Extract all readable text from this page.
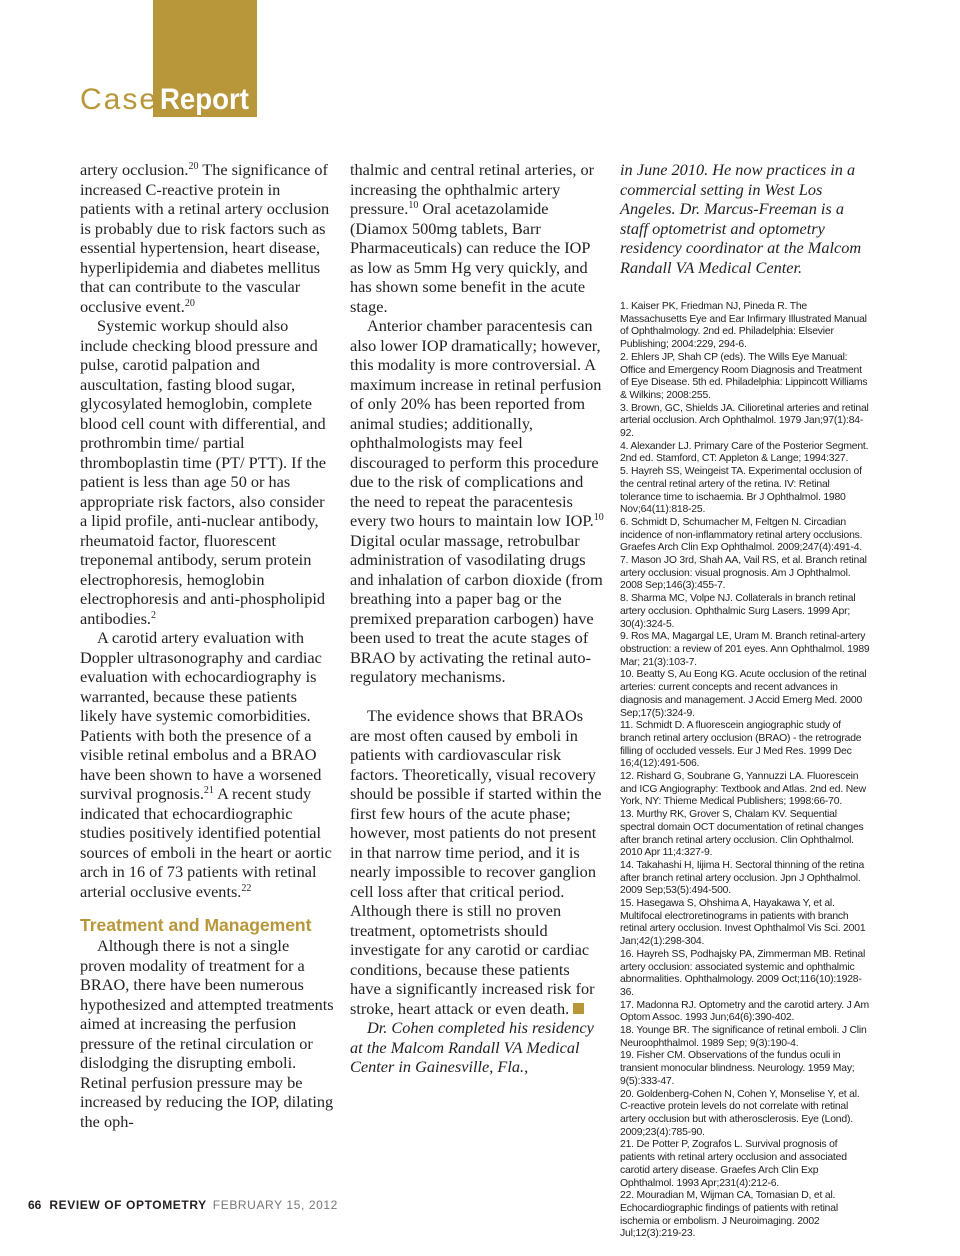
Case Report

artery occlusion.$^{20}$ The significance of increased C-reactive protein in patients with a retinal artery occlusion is probably due to risk factors such as essential hypertension, heart disease, hyperlipidemia and diabetes mellitus that can contribute to the vascular occlusive event.$^{20}$

Systemic workup should also include checking blood pressure and pulse, carotid palpation and auscultation, fasting blood sugar, glycosylated hemoglobin, complete blood cell count with differential, and prothrombin time/ partial thromboplastin time (PT/ PTT). If the patient is less than age 50 or has appropriate risk factors, also consider a lipid profile, anti-nuclear antibody, rheumatoid factor, fluorescent treponemal antibody, serum protein electrophoresis, hemoglobin electrophoresis and anti-phospholipid antibodies.$^2$

A carotid artery evaluation with Doppler ultrasonography and cardiac evaluation with echocardiography is warranted, because these patients likely have systemic comorbidities. Patients with both the presence of a visible retinal embolus and a BRAO have been shown to have a worsened survival prognosis.$^{21}$ A recent study indicated that echocardiographic studies positively identified potential sources of emboli in the heart or aortic arch in 16 of 73 patients with retinal arterial occlusive events.$^{22}$

Treatment and Management

Although there is not a single proven modality of treatment for a BRAO, there have been numerous hypothesized and attempted treatments aimed at increasing the perfusion pressure of the retinal circulation or dislodging the disrupting emboli. Retinal perfusion pressure may be increased by reducing the IOP, dilating the oph-

thalmic and central retinal arteries, or increasing the ophthalmic artery pressure.$^{10}$ Oral acetazolamide (Diamox 500mg tablets, Barr Pharmaceuticals) can reduce the IOP as low as 5mm Hg very quickly, and has shown some benefit in the acute stage.

Anterior chamber paracentesis can also lower IOP dramatically; however, this modality is more controversial. A maximum increase in retinal perfusion of only 20% has been reported from animal studies; additionally, ophthalmologists may feel discouraged to perform this procedure due to the risk of complications and the need to repeat the paracentesis every two hours to maintain low IOP.$^{10}$ Digital ocular massage, retrobulbar administration of vasodilating drugs and inhalation of carbon dioxide (from breathing into a paper bag or the premixed preparation carbogen) have been used to treat the acute stages of BRAO by activating the retinal auto-regulatory mechanisms.

The evidence shows that BRAOs are most often caused by emboli in patients with cardiovascular risk factors. Theoretically, visual recovery should be possible if started within the first few hours of the acute phase; however, most patients do not present in that narrow time period, and it is nearly impossible to recover ganglion cell loss after that critical period. Although there is still no proven treatment, optometrists should investigate for any carotid or cardiac conditions, because these patients have a significantly increased risk for stroke, heart attack or even death.

Dr. Cohen completed his residency at the Malcom Randall VA Medical Center in Gainesville, Fla.,

in June 2010. He now practices in a commercial setting in West Los Angeles. Dr. Marcus-Freeman is a staff optometrist and optometry residency coordinator at the Malcom Randall VA Medical Center.

1. Kaiser PK, Friedman NJ, Pineda R. The Massachusetts Eye and Ear Infirmary Illustrated Manual of Ophthalmology. 2nd ed. Philadelphia: Elsevier Publishing; 2004:229, 294-6.
2. Ehlers JP, Shah CP (eds). The Wills Eye Manual: Office and Emergency Room Diagnosis and Treatment of Eye Disease. 5th ed. Philadelphia: Lippincott Williams & Wilkins; 2008:255.
3. Brown, GC, Shields JA. Cilioretinal arteries and retinal arterial occlusion. Arch Ophthalmol. 1979 Jan;97(1):84-92.
4. Alexander LJ. Primary Care of the Posterior Segment. 2nd ed. Stamford, CT: Appleton & Lange; 1994:327.
5. Hayreh SS, Weingeist TA. Experimental occlusion of the central retinal artery of the retina. IV: Retinal tolerance time to ischaemia. Br J Ophthalmol. 1980 Nov;64(11):818-25.
6. Schmidt D, Schumacher M, Feltgen N. Circadian incidence of non-inflammatory retinal artery occlusions. Graefes Arch Clin Exp Ophthalmol. 2009;247(4):491-4.
7. Mason JO 3rd, Shah AA, Vail RS, et al. Branch retinal artery occlusion: visual prognosis. Am J Ophthalmol. 2008 Sep;146(3):455-7.
8. Sharma MC, Volpe NJ. Collaterals in branch retinal artery occlusion. Ophthalmic Surg Lasers. 1999 Apr; 30(4):324-5.
9. Ros MA, Magargal LE, Uram M. Branch retinal-artery obstruction: a review of 201 eyes. Ann Ophthalmol. 1989 Mar; 21(3):103-7.
10. Beatty S, Au Eong KG. Acute occlusion of the retinal arteries: current concepts and recent advances in diagnosis and management. J Accid Emerg Med. 2000 Sep;17(5):324-9.
11. Schmidt D. A fluorescein angiographic study of branch retinal artery occlusion (BRAO) - the retrograde filling of occluded vessels. Eur J Med Res. 1999 Dec 16;4(12):491-506.
12. Rishard G, Soubrane G, Yannuzzi LA. Fluorescein and ICG Angiography: Textbook and Atlas. 2nd ed. New York, NY: Thieme Medical Publishers; 1998:66-70.
13. Murthy RK, Grover S, Chalam KV. Sequential spectral domain OCT documentation of retinal changes after branch retinal artery occlusion. Clin Ophthalmol. 2010 Apr 11;4:327-9.
14. Takahashi H, Iijima H. Sectoral thinning of the retina after branch retinal artery occlusion. Jpn J Ophthalmol. 2009 Sep;53(5):494-500.
15. Hasegawa S, Ohshima A, Hayakawa Y, et al. Multifocal electroretinograms in patients with branch retinal artery occlusion. Invest Ophthalmol Vis Sci. 2001 Jan;42(1):298-304.
16. Hayreh SS, Podhajsky PA, Zimmerman MB. Retinal artery occlusion: associated systemic and ophthalmic abnormalities. Ophthalmology. 2009 Oct;116(10):1928-36.
17. Madonna RJ. Optometry and the carotid artery. J Am Optom Assoc. 1993 Jun;64(6):390-402.
18. Younge BR. The significance of retinal emboli. J Clin Neuroophthalmol. 1989 Sep; 9(3):190-4.
19. Fisher CM. Observations of the fundus oculi in transient monocular blindness. Neurology. 1959 May; 9(5):333-47.
20. Goldenberg-Cohen N, Cohen Y, Monselise Y, et al. C-reactive protein levels do not correlate with retinal artery occlusion but with atherosclerosis. Eye (Lond). 2009;23(4):785-90.
21. De Potter P, Zografos L. Survival prognosis of patients with retinal artery occlusion and associated carotid artery disease. Graefes Arch Clin Exp Ophthalmol. 1993 Apr;231(4):212-6.
22. Mouradian M, Wijman CA, Tomasian D, et al. Echocardiographic findings of patients with retinal ischemia or embolism. J Neuroimaging. 2002 Jul;12(3):219-23.
66 REVIEW OF OPTOMETRY FEBRUARY 15, 2012
